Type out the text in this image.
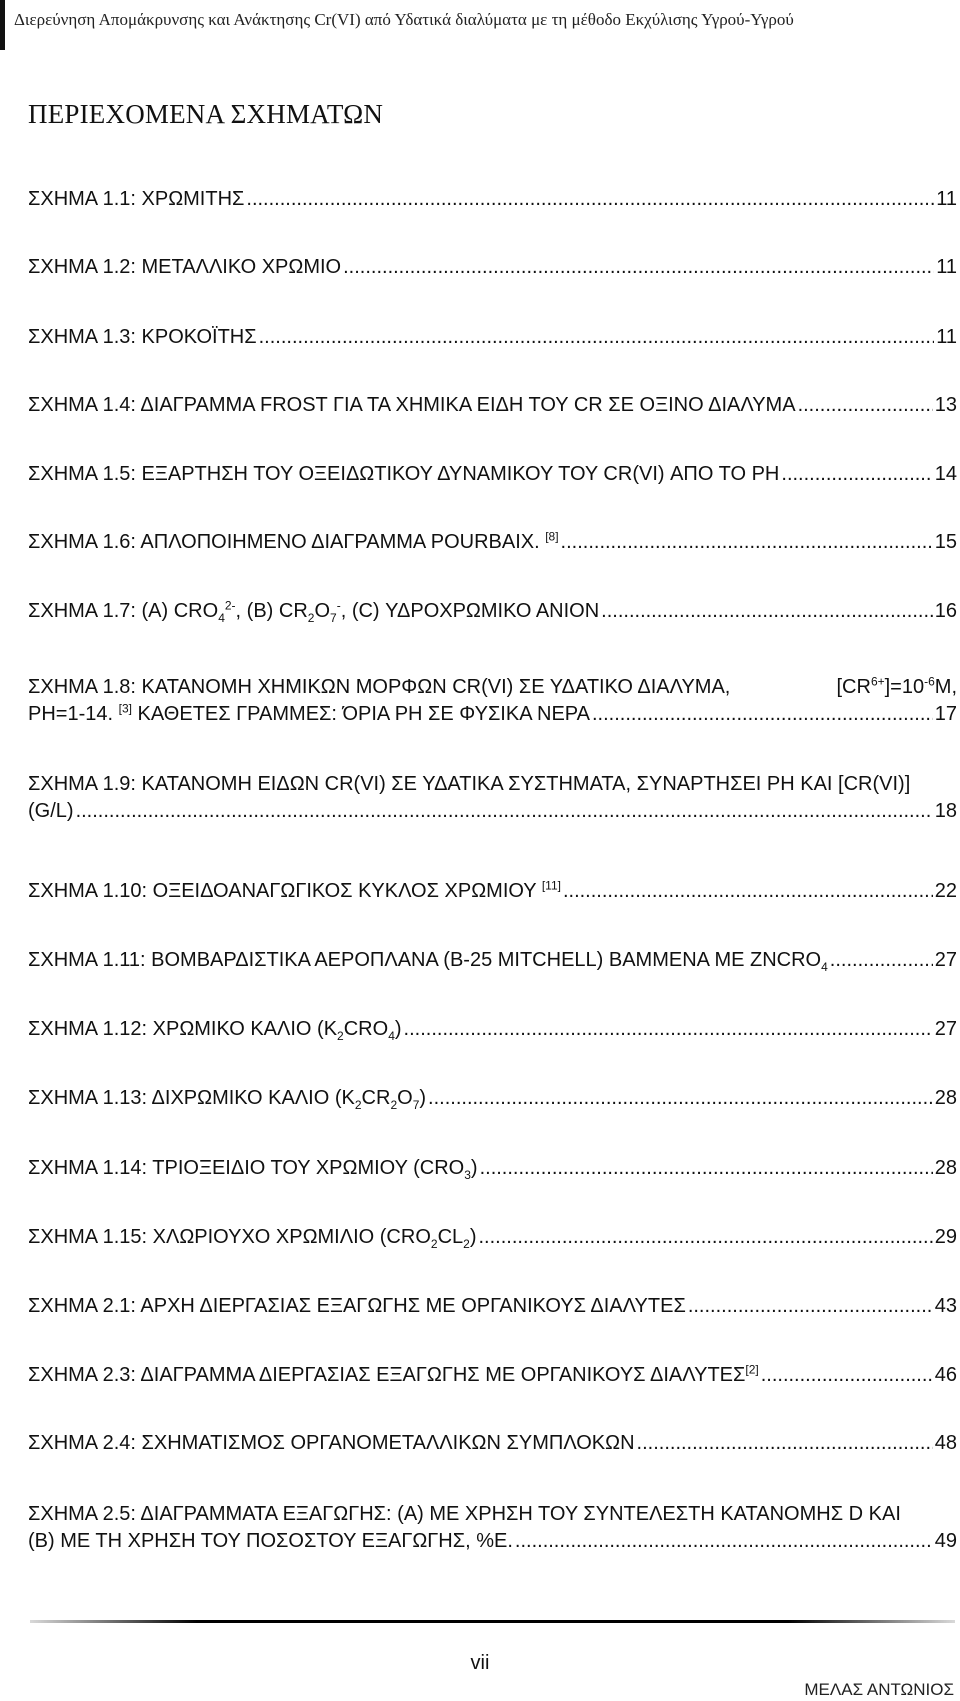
Διερεύνηση Απομάκρυνσης και Ανάκτησης Cr(VI) από Υδατικά διαλύματα με τη μέθοδο Εκχύλισης Υγρού-Υγρού
ΠΕΡΙΕΧΟΜΕΝΑ ΣΧΗΜΑΤΩΝ
ΣΧΗΜΑ 1.1: ΧΡΩΜΙΤΗΣ .....	11
ΣΧΗΜΑ 1.2: ΜΕΤΑΛΛΙΚΟ ΧΡΩΜΙΟ .....	11
ΣΧΗΜΑ 1.3: ΚΡΟΚΟΪΤΗΣ .....	11
ΣΧΗΜΑ 1.4: ΔΙΑΓΡΑΜΜΑ FROST ΓΙΑ ΤΑ ΧΗΜΙΚΑ ΕΙΔΗ ΤΟΥ CR ΣΕ ΟΞΙΝΟ ΔΙΑΛΥΜΑ .....	13
ΣΧΗΜΑ 1.5: ΕΞΑΡΤΗΣΗ ΤΟΥ ΟΞΕΙΔΩΤΙΚΟΥ ΔΥΝΑΜΙΚΟΥ ΤΟΥ CR(VI) ΑΠΟ ΤΟ PH .....	14
ΣΧΗΜΑ 1.6: ΑΠΛΟΠΟΙΗΜΕΝΟ ΔΙΑΓΡΑΜΜΑ POURBAIX. [8] .....	15
ΣΧΗΜΑ 1.7: (Α) $CRO_4^{2-}$, (B) $CR_2O_7^-$, (C) ΥΔΡΟΧΡΩΜΙΚΟ ΑΝΙΟΝ .....	16
ΣΧΗΜΑ 1.8: ΚΑΤΑΝΟΜΗ ΧΗΜΙΚΩΝ ΜΟΡΦΩΝ CR(VI) ΣΕ ΥΔΑΤΙΚΟ ΔΙΑΛΥΜΑ,	$[CR^{6+}]=10^{-6}M$,
PH=1-14. [3] ΚΑΘΕΤΕΣ ΓΡΑΜΜΕΣ: ΌΡΙΑ PH ΣΕ ΦΥΣΙΚΑ ΝΕΡΑ .....	17
ΣΧΗΜΑ 1.9: ΚΑΤΑΝΟΜΗ ΕΙΔΩΝ CR(VI) ΣΕ ΥΔΑΤΙΚΑ ΣΥΣΤΗΜΑΤΑ, ΣΥΝΑΡΤΗΣΕΙ PH ΚΑΙ [CR(VI)]
(G/L) .....	18
ΣΧΗΜΑ 1.10: ΟΞΕΙΔΟΑΝΑΓΩΓΙΚΟΣ ΚΥΚΛΟΣ ΧΡΩΜΙΟΥ [11] .....	22
ΣΧΗΜΑ 1.11: ΒΟΜΒΑΡΔΙΣΤΙΚΑ ΑΕΡΟΠΛΑΝΑ (B-25 MITCHELL) ΒΑΜΜΕΝΑ ΜΕ $ZNCRO_4$ .....	27
ΣΧΗΜΑ 1.12: ΧΡΩΜΙΚΟ ΚΑΛΙΟ $(K_2CRO_4)$ .....	27
ΣΧΗΜΑ 1.13: ΔΙΧΡΩΜΙΚΟ ΚΑΛΙΟ $(K_2CR_2O_7)$ .....	28
ΣΧΗΜΑ 1.14: ΤΡΙΟΞΕΙΔΙΟ ΤΟΥ ΧΡΩΜΙΟΥ $(CRO_3)$ .....	28
ΣΧΗΜΑ 1.15: ΧΛΩΡΙΟΥΧΟ ΧΡΩΜΙΛΙΟ $(CRO_2CL_2)$ .....	29
ΣΧΗΜΑ 2.1: ΑΡΧΗ ΔΙΕΡΓΑΣΙΑΣ ΕΞΑΓΩΓΗΣ ΜΕ ΟΡΓΑΝΙΚΟΥΣ ΔΙΑΛΥΤΕΣ .....	43
ΣΧΗΜΑ 2.3: ΔΙΑΓΡΑΜΜΑ ΔΙΕΡΓΑΣΙΑΣ ΕΞΑΓΩΓΗΣ ΜΕ ΟΡΓΑΝΙΚΟΥΣ ΔΙΑΛΥΤΕΣ[2] .....	46
ΣΧΗΜΑ 2.4: ΣΧΗΜΑΤΙΣΜΟΣ ΟΡΓΑΝΟΜΕΤΑΛΛΙΚΩΝ ΣΥΜΠΛΟΚΩΝ .....	48
ΣΧΗΜΑ 2.5: ΔΙΑΓΡΑΜΜΑΤΑ ΕΞΑΓΩΓΗΣ: (Α) ΜΕ ΧΡΗΣΗ ΤΟΥ ΣΥΝΤΕΛΕΣΤΗ ΚΑΤΑΝΟΜΗΣ D ΚΑΙ
(Β) ΜΕ ΤΗ ΧΡΗΣΗ ΤΟΥ ΠΟΣΟΣΤΟΥ ΕΞΑΓΩΓΗΣ, %Ε. .....	49
vii
ΜΕΛΑΣ ΑΝΤΩΝΙΟΣ
